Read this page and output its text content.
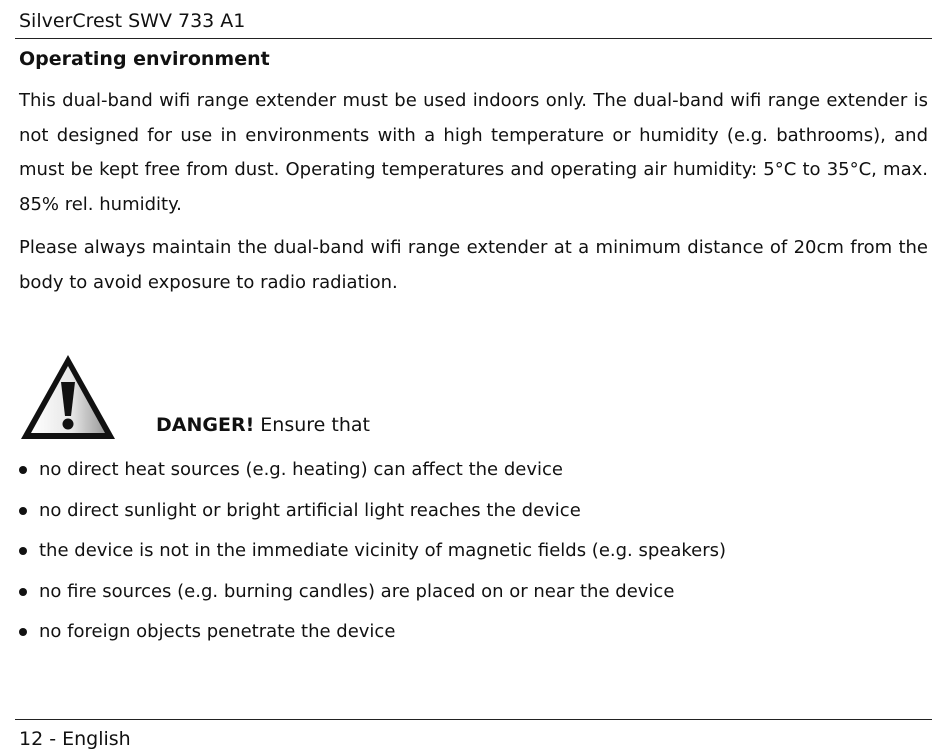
SilverCrest SWV 733 A1
Operating environment

This dual-band wifi range extender must be used indoors only. The dual-band wifi range extender is not designed for use in environments with a high temperature or humidity (e.g. bathrooms), and must be kept free from dust. Operating temperatures and operating air humidity: 5°C to 35°C, max. 85% rel. humidity.

Please always maintain the dual-band wifi range extender at a minimum distance of 20cm from the body to avoid exposure to radio radiation.

DANGER! Ensure that
no direct heat sources (e.g. heating) can affect the device
no direct sunlight or bright artificial light reaches the device
the device is not in the immediate vicinity of magnetic fields (e.g. speakers)
no fire sources (e.g. burning candles) are placed on or near the device
no foreign objects penetrate the device
12 - English
